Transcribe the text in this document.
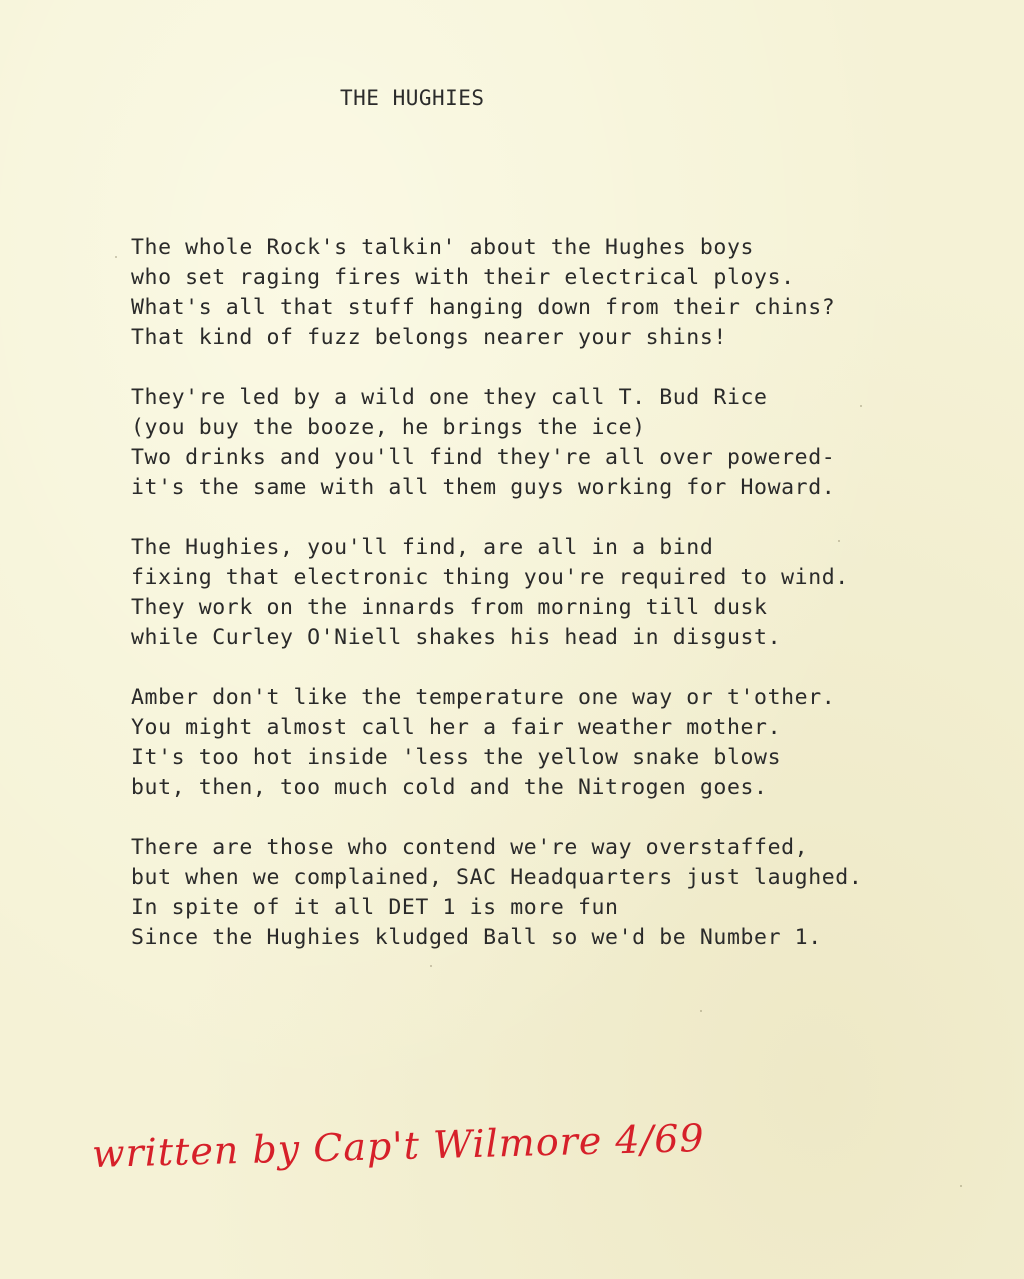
THE HUGHIES
The whole Rock's talkin' about the Hughes boys
who set raging fires with their electrical ploys.
What's all that stuff hanging down from their chins?
That kind of fuzz belongs nearer your shins!
They're led by a wild one they call T. Bud Rice
(you buy the booze, he brings the ice)
Two drinks and you'll find they're all over powered-
it's the same with all them guys working for Howard.
The Hughies, you'll find, are all in a bind
fixing that electronic thing you're required to wind.
They work on the innards from morning till dusk
while Curley O'Niell shakes his head in disgust.
Amber don't like the temperature one way or t'other.
You might almost call her a fair weather mother.
It's too hot inside 'less the yellow snake blows
but, then, too much cold and the Nitrogen goes.
There are those who contend we're way overstaffed,
but when we complained, SAC Headquarters just laughed.
In spite of it all DET 1 is more fun
Since the Hughies kludged Ball so we'd be Number 1.
written by Cap't Wilmore 4/69
